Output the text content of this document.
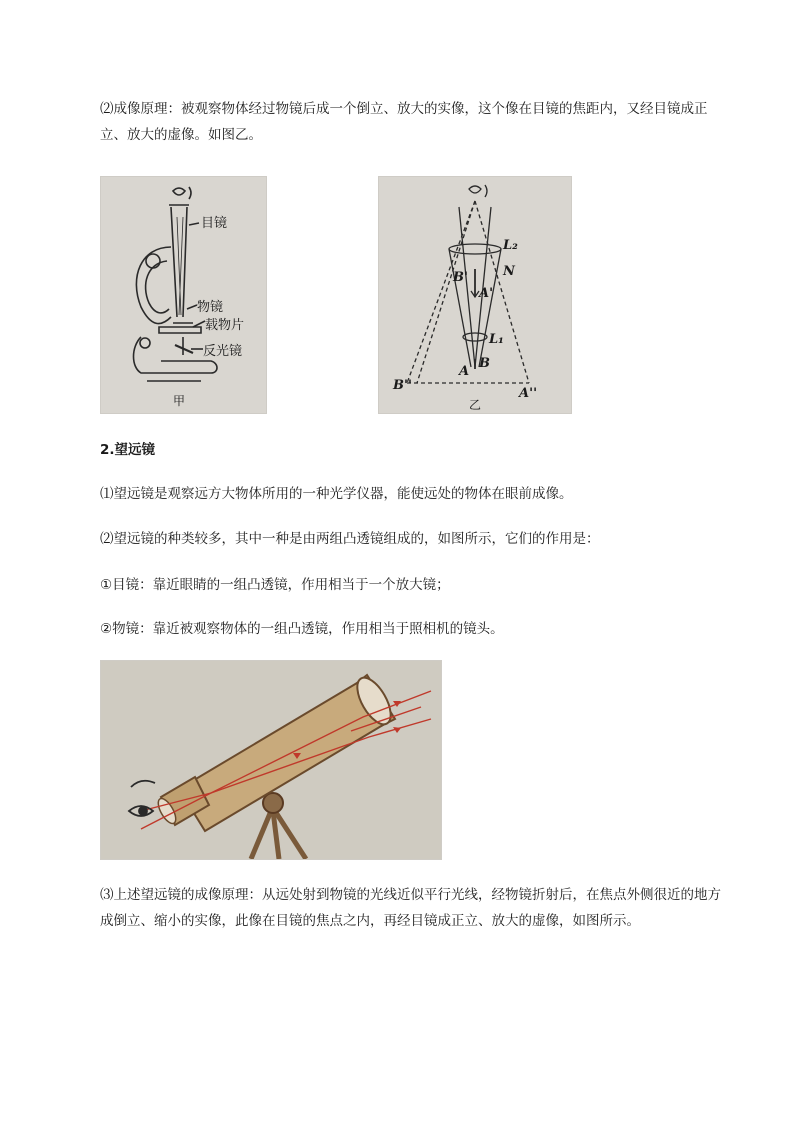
⑵成像原理：被观察物体经过物镜后成一个倒立、放大的实像，这个像在目镜的焦距内，又经目镜成正立、放大的虚像。如图乙。

目镜
物镜
载物片
反光镜
甲
L₂
N
B'
A'
L₁
A
B
B''
A''
乙

2.望远镜

⑴望远镜是观察远方大物体所用的一种光学仪器，能使远处的物体在眼前成像。

⑵望远镜的种类较多，其中一种是由两组凸透镜组成的，如图所示，它们的作用是：

①目镜：靠近眼睛的一组凸透镜，作用相当于一个放大镜；

②物镜：靠近被观察物体的一组凸透镜，作用相当于照相机的镜头。

⑶上述望远镜的成像原理：从远处射到物镜的光线近似平行光线，经物镜折射后，在焦点外侧很近的地方成倒立、缩小的实像，此像在目镜的焦点之内，再经目镜成正立、放大的虚像，如图所示。
